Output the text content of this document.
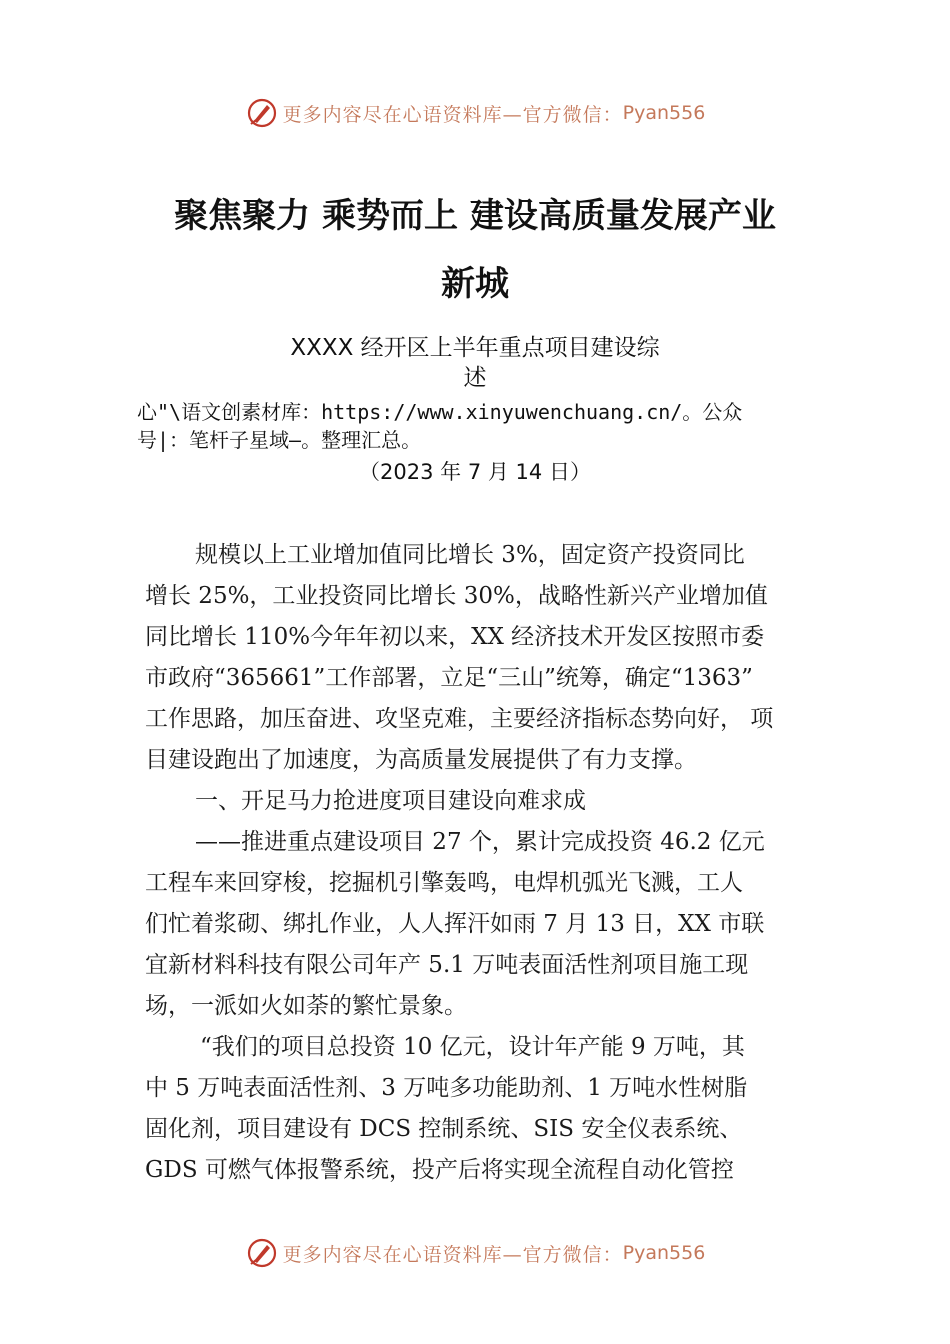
更多内容尽在心语资料库—官方微信： Pyan556
聚焦聚力 乘势而上 建设高质量发展产业
新城
XXXX 经开区上半年重点项目建设综
述
心"\语文创素材库：https://www.xinyuwenchuang.cn/。公众
号|：笔杆子星域—。整理汇总。
（2023 年 7 月 14 日）
规模以上工业增加值同比增长 3%，固定资产投资同比
增长 25%，工业投资同比增长 30%，战略性新兴产业增加值
同比增长 110%今年年初以来，XX 经济技术开发区按照市委
市政府“365661”工作部署，立足“三山”统筹，确定“1363”
工作思路，加压奋进、攻坚克难，主要经济指标态势向好， 项
目建设跑出了加速度，为高质量发展提供了有力支撑。
一、开足马力抢进度项目建设向难求成
——推进重点建设项目 27 个，累计完成投资 46.2 亿元
工程车来回穿梭，挖掘机引擎轰鸣，电焊机弧光飞溅，工人
们忙着浆砌、绑扎作业，人人挥汗如雨 7 月 13 日，XX 市联
宜新材料科技有限公司年产 5.1 万吨表面活性剂项目施工现
场，一派如火如荼的繁忙景象。
“我们的项目总投资 10 亿元，设计年产能 9 万吨，其
中 5 万吨表面活性剂、3 万吨多功能助剂、1 万吨水性树脂
固化剂，项目建设有 DCS 控制系统、SIS 安全仪表系统、
GDS 可燃气体报警系统，投产后将实现全流程自动化管控
更多内容尽在心语资料库—官方微信： Pyan556
